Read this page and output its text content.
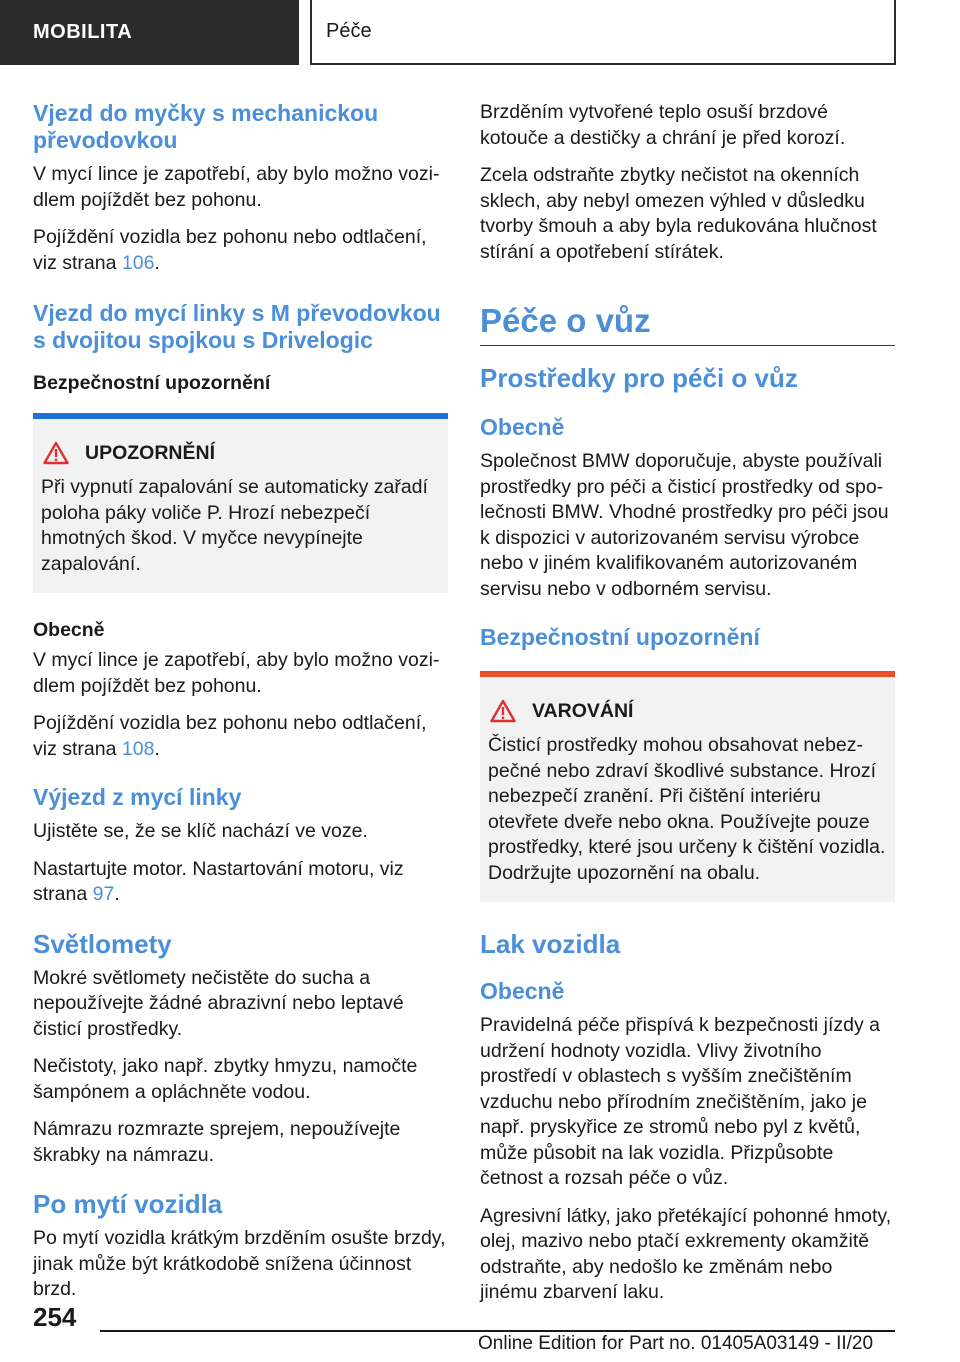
MOBILITA	Péče
Vjezd do myčky s mechanickou převodovkou

V mycí lince je zapotřebí, aby bylo možno vozidlem pojíždět bez pohonu.

Pojíždění vozidla bez pohonu nebo odtlačení, viz strana 106.

Vjezd do mycí linky s M převodovkou s dvojitou spojkou s Drivelogic
Bezpečnostní upozornění
UPOZORNĚNÍ

Při vypnutí zapalování se automaticky zařadí poloha páky voliče P. Hrozí nebezpečí hmotných škod. V myčce nevypínejte zapalování.

Obecně

V mycí lince je zapotřebí, aby bylo možno vozidlem pojíždět bez pohonu.

Pojíždění vozidla bez pohonu nebo odtlačení, viz strana 108.

Výjezd z mycí linky

Ujistěte se, že se klíč nachází ve voze.

Nastartujte motor. Nastartování motoru, viz strana 97.

Světlomety

Mokré světlomety nečistěte do sucha a nepoužívejte žádné abrazivní nebo leptavé čisticí prostředky.

Nečistoty, jako např. zbytky hmyzu, namočte šampónem a opláchněte vodou.

Námrazu rozmrazte sprejem, nepoužívejte škrabky na námrazu.

Po mytí vozidla

Po mytí vozidla krátkým brzděním osušte brzdy, jinak může být krátkodobě snížena účinnost brzd.

Brzděním vytvořené teplo osuší brzdové kotouče a destičky a chrání je před korozí.

Zcela odstraňte zbytky nečistot na okenních sklech, aby nebyl omezen výhled v důsledku tvorby šmouh a aby byla redukována hlučnost stírání a opotřebení stírátek.

Péče o vůz
Prostředky pro péči o vůz
Obecně

Společnost BMW doporučuje, abyste používali prostředky pro péči a čisticí prostředky od společnosti BMW. Vhodné prostředky pro péči jsou k dispozici v autorizovaném servisu výrobce nebo v jiném kvalifikovaném autorizovaném servisu nebo v odborném servisu.

Bezpečnostní upozornění
VAROVÁNÍ

Čisticí prostředky mohou obsahovat nebezpečné nebo zdraví škodlivé substance. Hrozí nebezpečí zranění. Při čištění interiéru otevřete dveře nebo okna. Používejte pouze prostředky, které jsou určeny k čištění vozidla. Dodržujte upozornění na obalu.

Lak vozidla
Obecně

Pravidelná péče přispívá k bezpečnosti jízdy a udržení hodnoty vozidla. Vlivy životního prostředí v oblastech s vyšším znečištěním vzduchu nebo přírodním znečištěním, jako je např. pryskyřice ze stromů nebo pyl z květů, může působit na lak vozidla. Přizpůsobte četnost a rozsah péče o vůz.

Agresivní látky, jako přetékající pohonné hmoty, olej, mazivo nebo ptačí exkrementy okamžitě odstraňte, aby nedošlo ke změnám nebo jinému zbarvení laku.

254
Online Edition for Part no. 01405A03149 - II/20
